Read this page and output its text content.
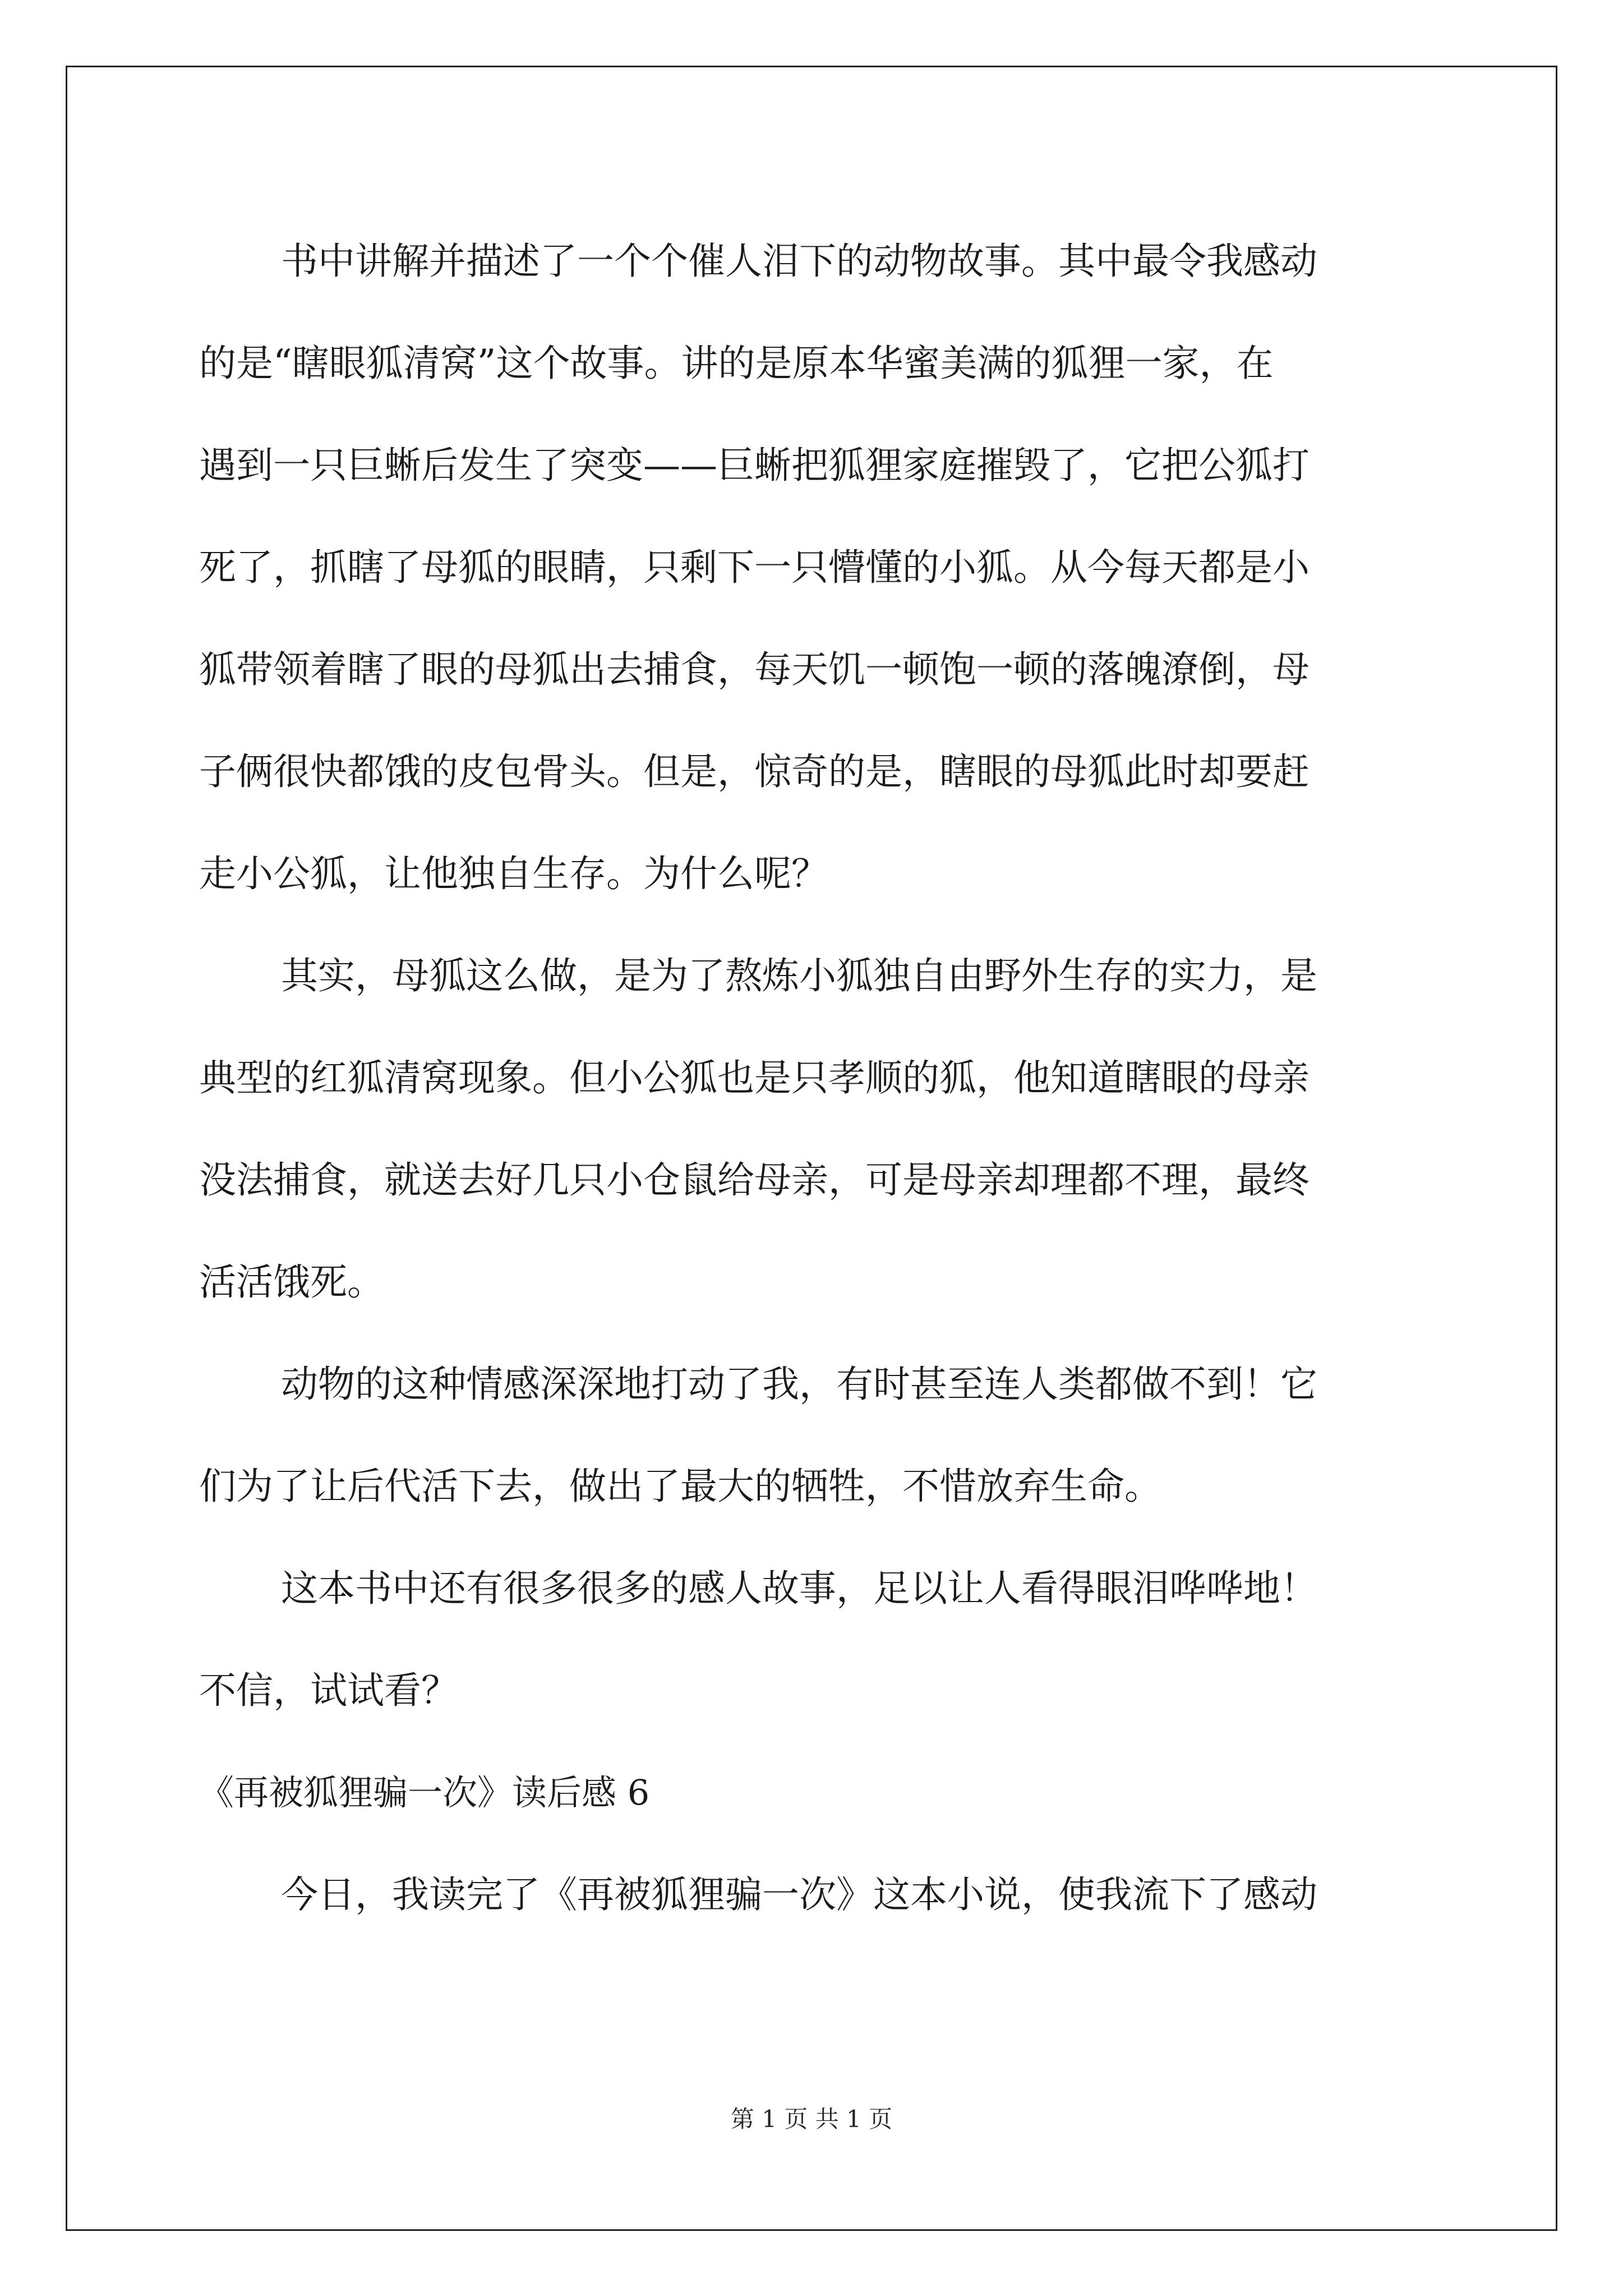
书中讲解并描述了一个个催人泪下的动物故事。其中最令我感动
的是“瞎眼狐清窝”这个故事。讲的是原本华蜜美满的狐狸一家，在
遇到一只巨蜥后发生了突变——巨蜥把狐狸家庭摧毁了，它把公狐打
死了，抓瞎了母狐的眼睛，只剩下一只懵懂的小狐。从今每天都是小
狐带领着瞎了眼的母狐出去捕食，每天饥一顿饱一顿的落魄潦倒，母
子俩很快都饿的皮包骨头。但是，惊奇的是，瞎眼的母狐此时却要赶
走小公狐，让他独自生存。为什么呢？
其实，母狐这么做，是为了熬炼小狐独自由野外生存的实力，是
典型的红狐清窝现象。但小公狐也是只孝顺的狐，他知道瞎眼的母亲
没法捕食，就送去好几只小仓鼠给母亲，可是母亲却理都不理，最终
活活饿死。
动物的这种情感深深地打动了我，有时甚至连人类都做不到！它
们为了让后代活下去，做出了最大的牺牲，不惜放弃生命。
这本书中还有很多很多的感人故事，足以让人看得眼泪哗哗地！
不信，试试看？
《再被狐狸骗一次》读后感 6
今日，我读完了《再被狐狸骗一次》这本小说，使我流下了感动
第 1 页 共 1 页
